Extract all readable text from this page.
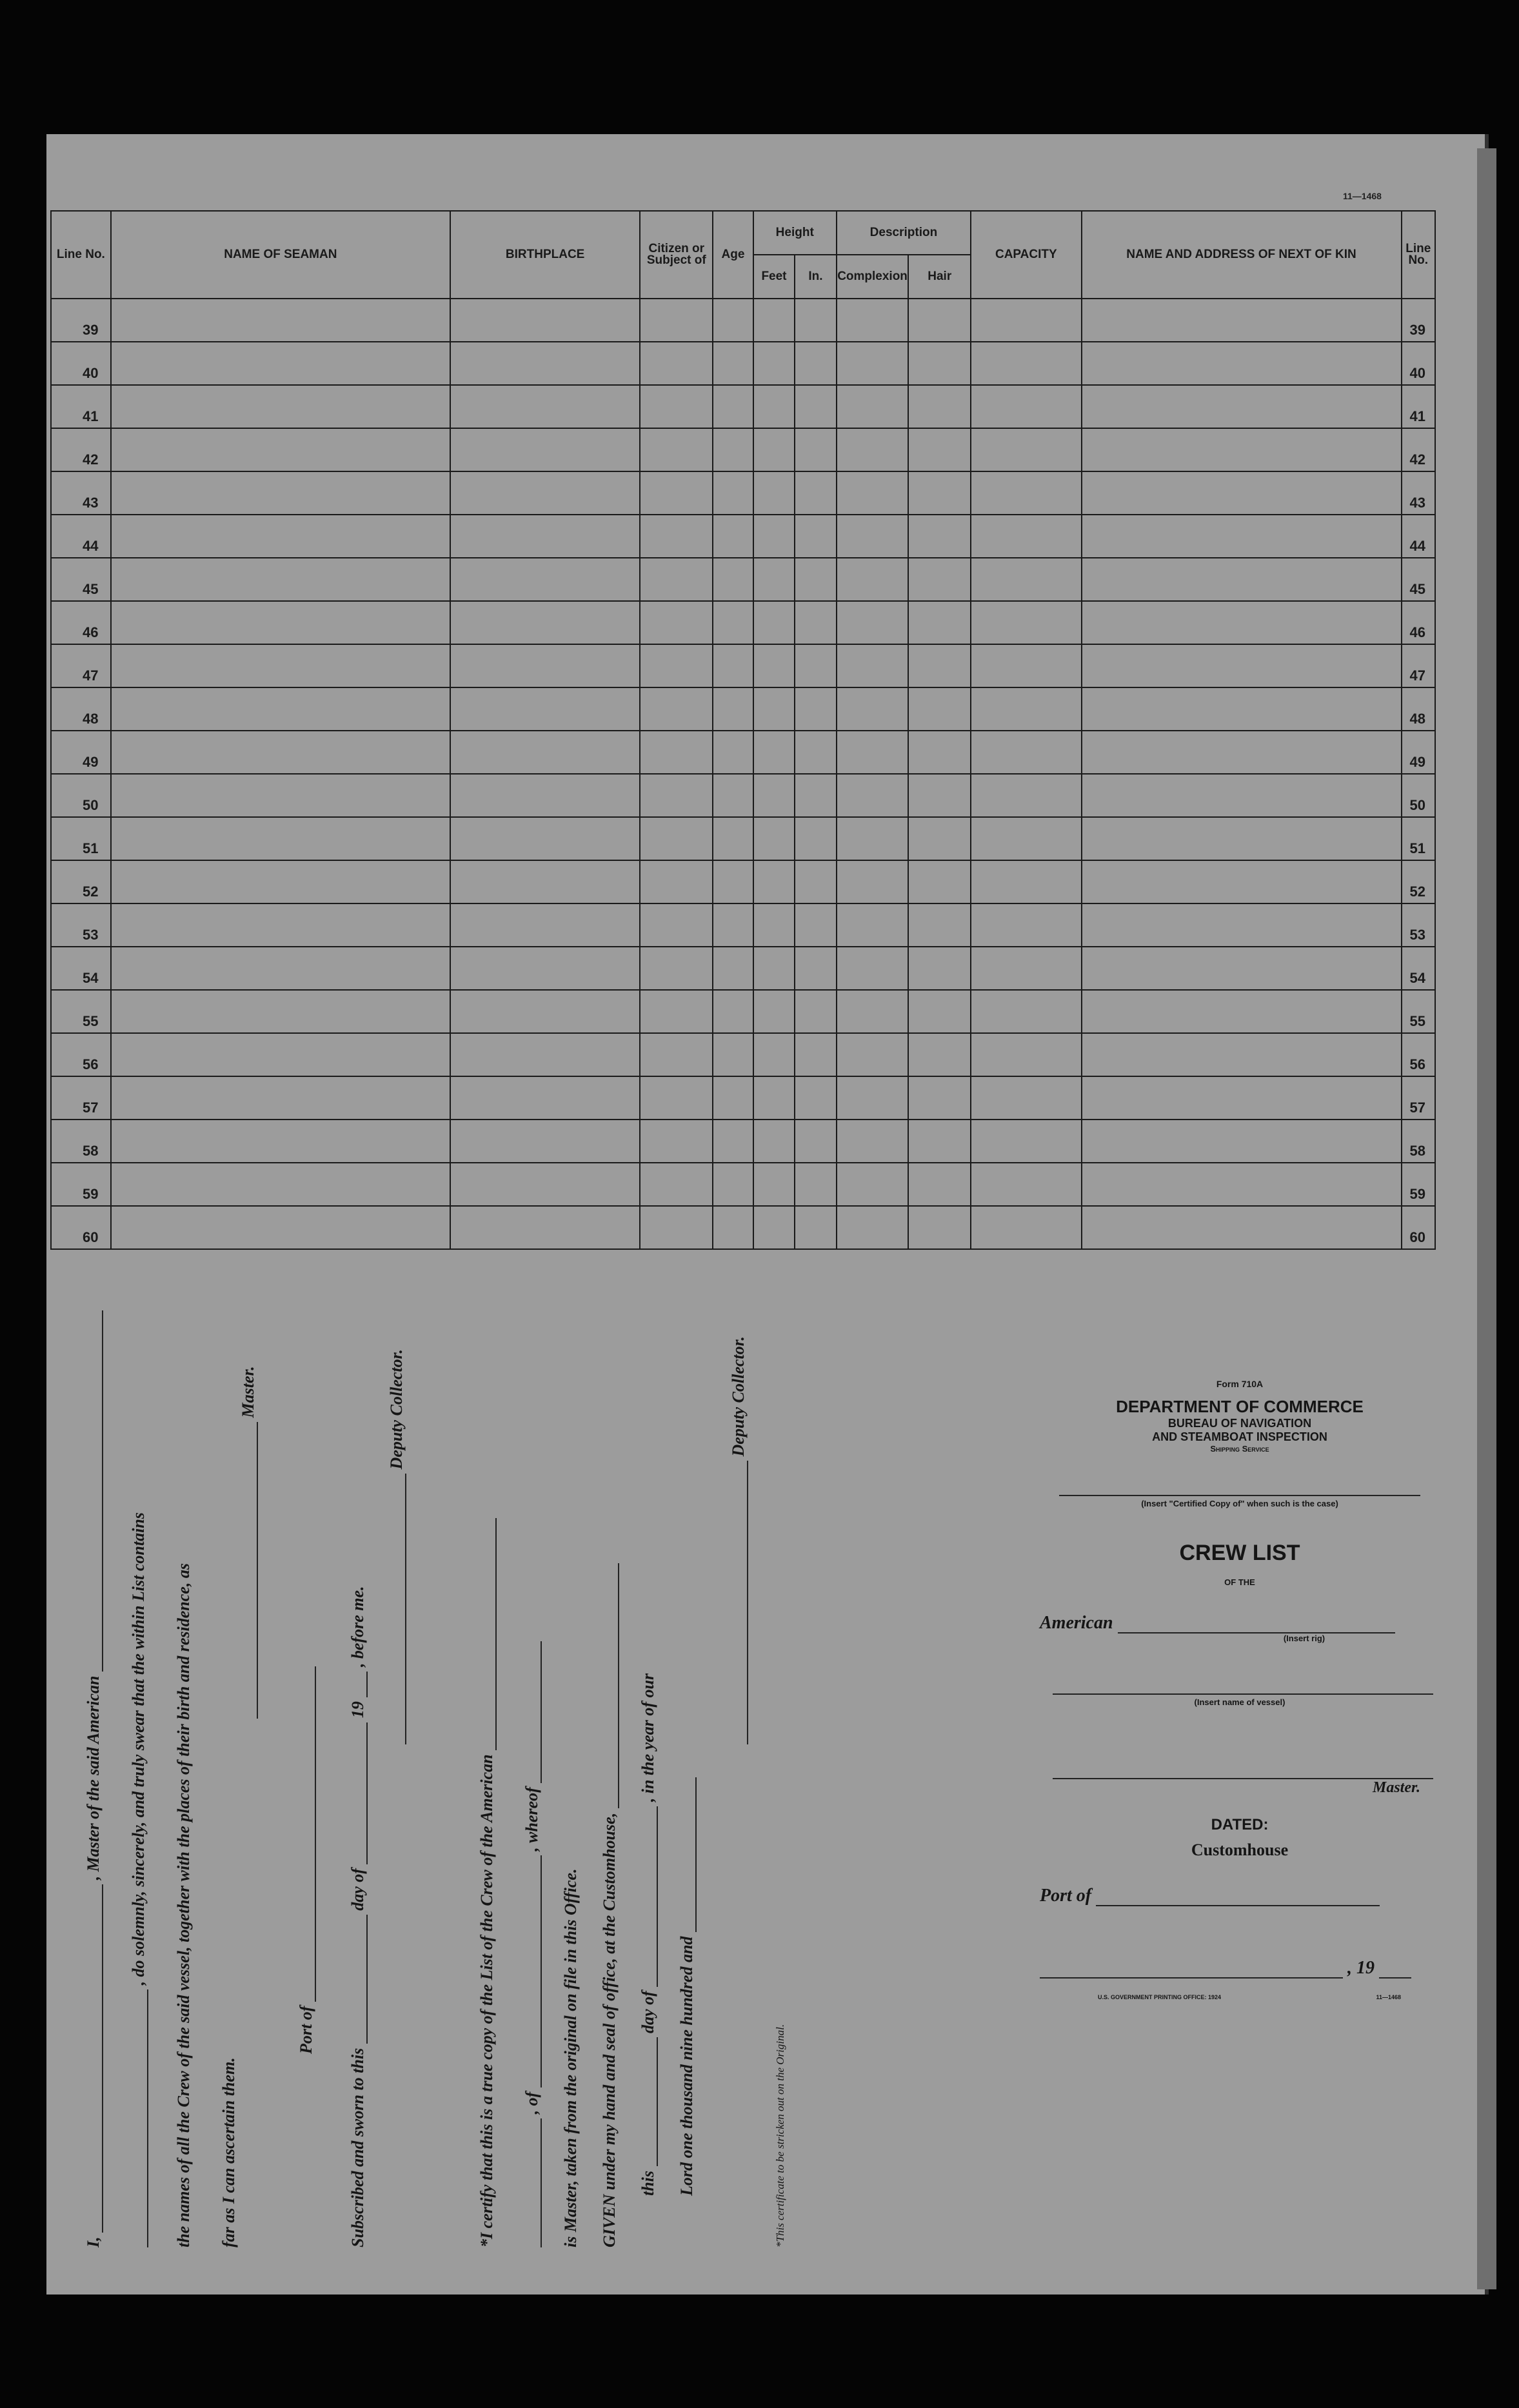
11—1468
Line No.	NAME OF SEAMAN	BIRTHPLACE	Citizen or Subject of	Age	Height		Description		CAPACITY	NAME AND ADDRESS OF NEXT OF KIN	Line No.
					Feet	In.	Complexion	Hair			
39											39
40											40
41											41
42											42
43											43
44											44
45											45
46											46
47											47
48											48
49											49
50											50
51											51
52											52
53											53
54											54
55											55
56											56
57											57
58											58
59											59
60											60
I,  , Master of the said American , do solemnly, sincerely, and truly swear that the within List contains the names of all the Crew of the said vessel, together with the places of their birth and residence, as far as I can ascertain them.
Master.
Port of
Subscribed and sworn to this  day of  19  , before me.
Deputy Collector.
*I certify that this is a true copy of the List of the Crew of the American , of  , whereof
is Master, taken from the original on file in this Office. GIVEN under my hand and seal of office, at the Customhouse, this  day of  , in the year of our
Lord one thousand nine hundred and
Deputy Collector.
*This certificate to be stricken out on the Original.
Form 710A
DEPARTMENT OF COMMERCE
BUREAU OF NAVIGATION
AND STEAMBOAT INSPECTION
Shipping Service
(Insert "Certified Copy of" when such is the case)
CREW LIST
OF THE
American
(Insert rig)
(Insert name of vessel)
Master.
DATED:
Customhouse
Port of
, 19
U.S. GOVERNMENT PRINTING OFFICE: 1924	11—1468
